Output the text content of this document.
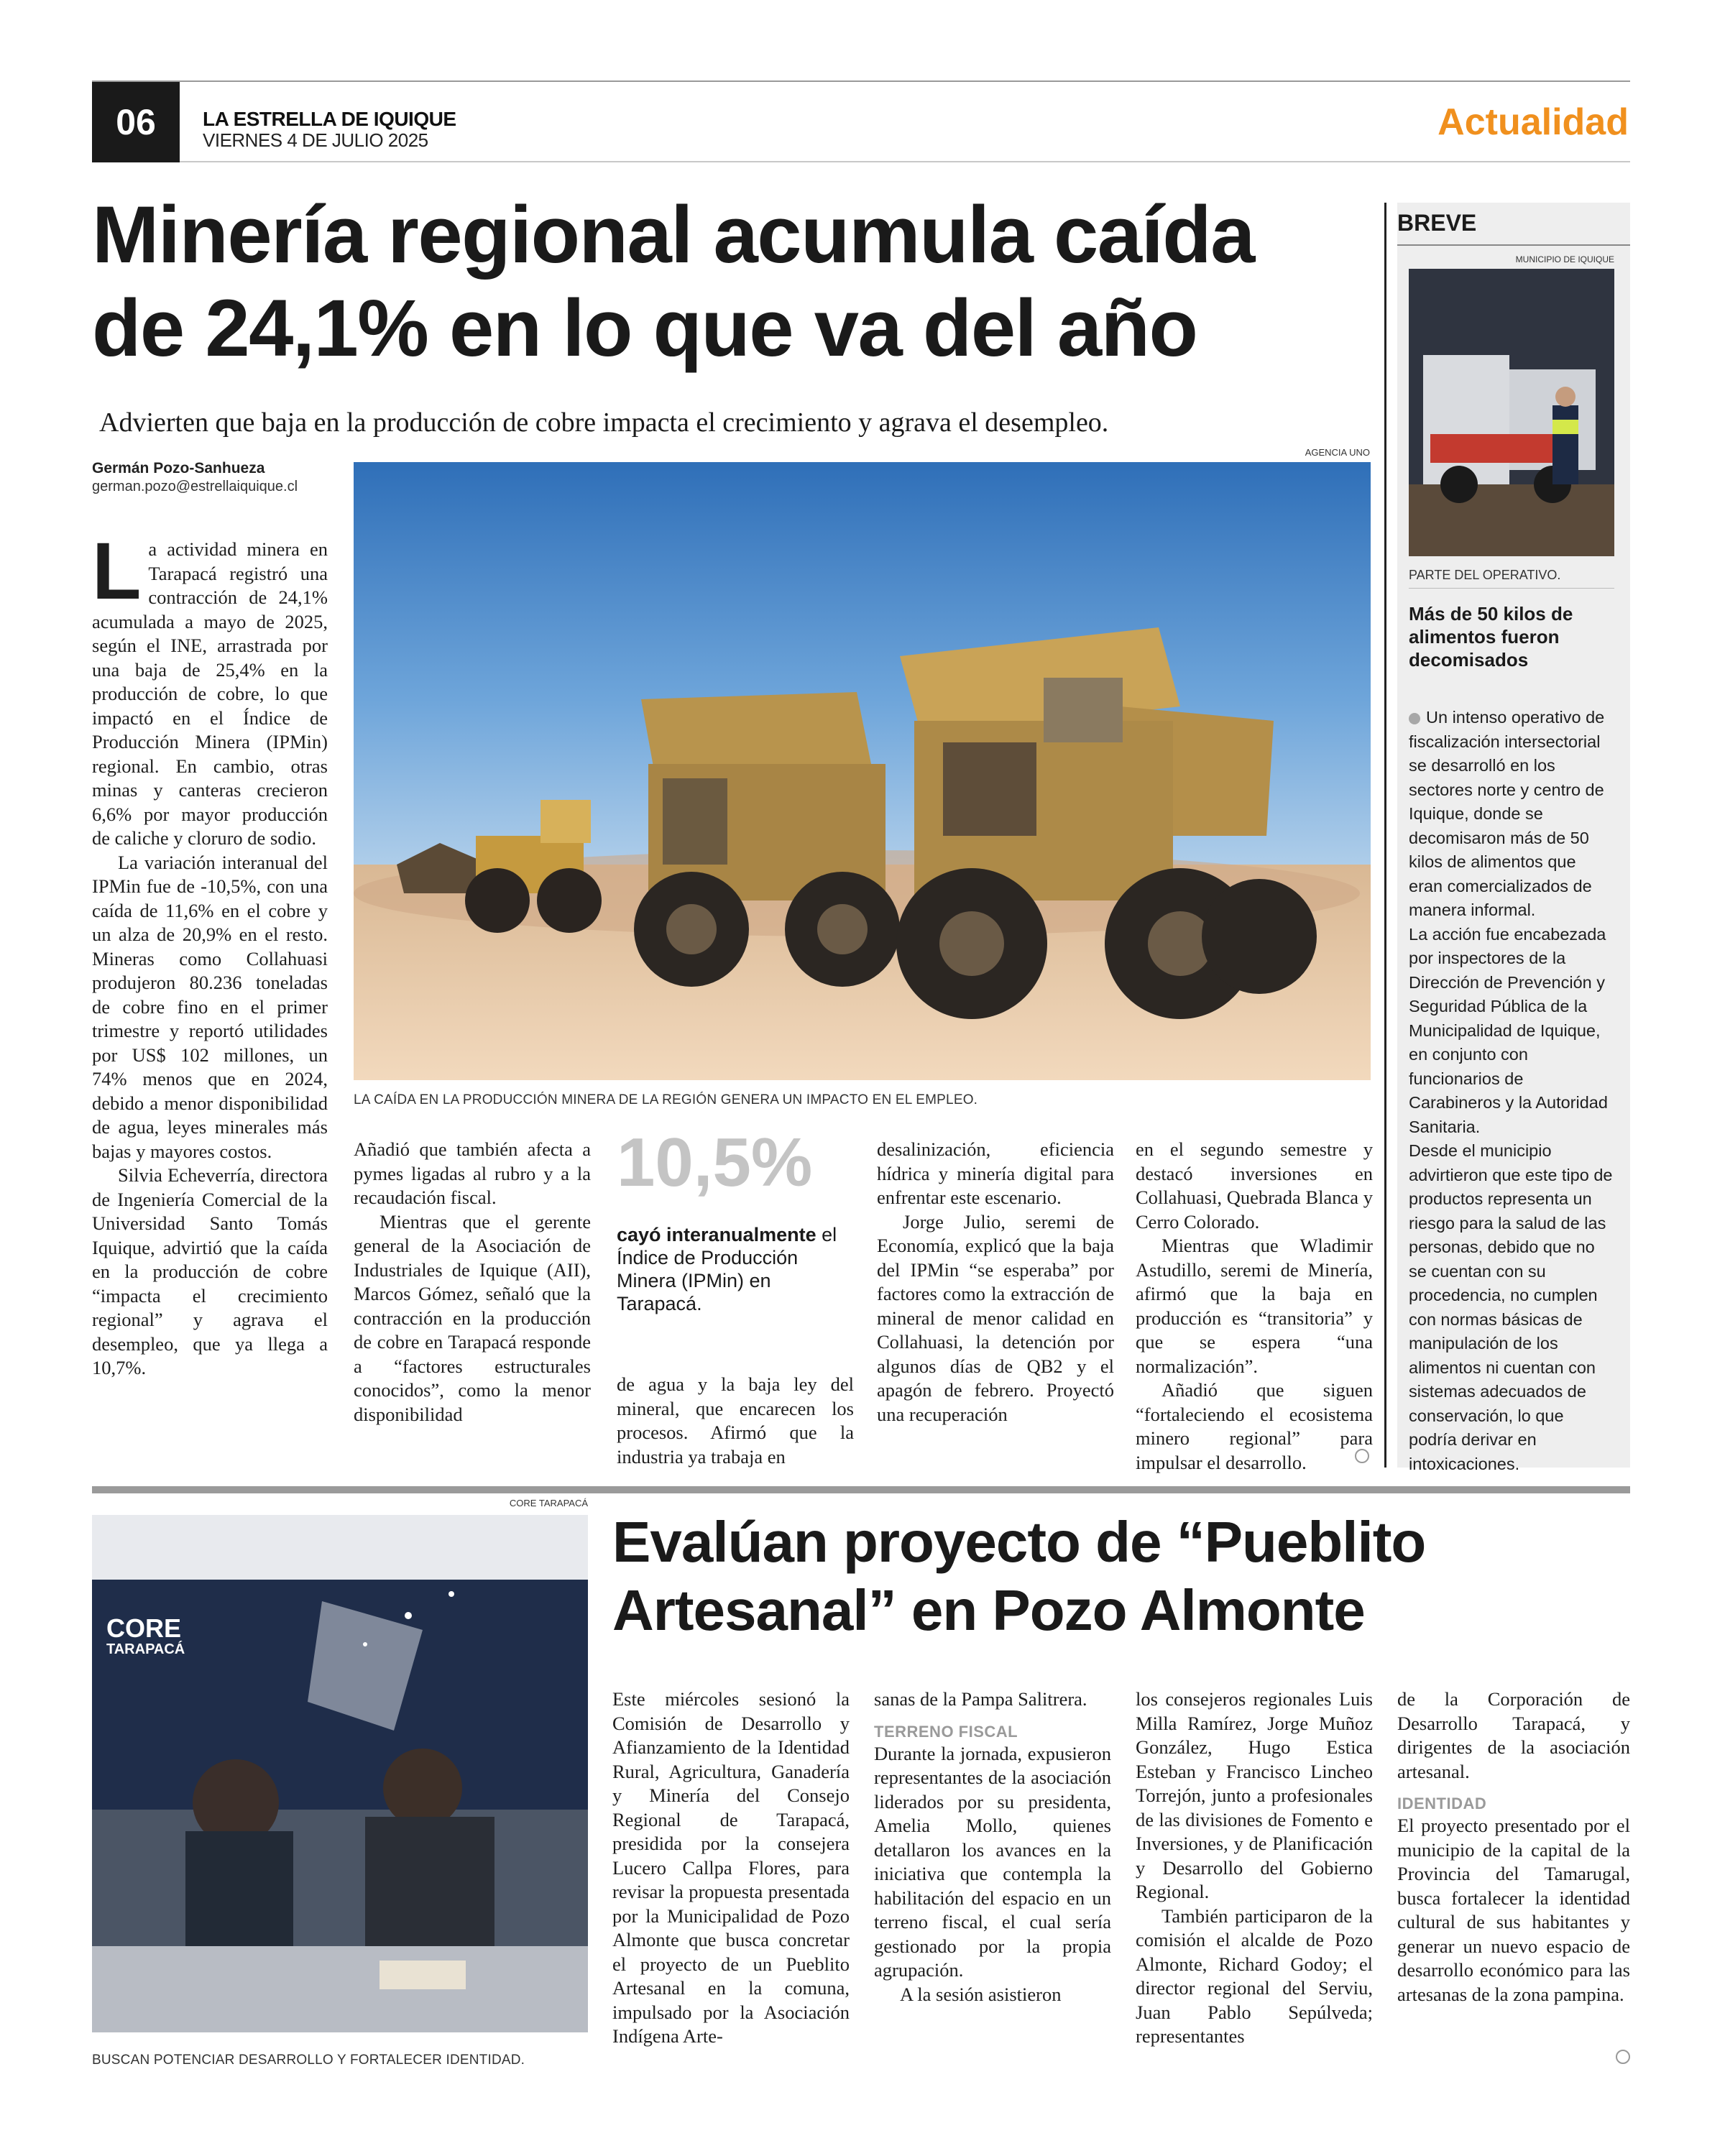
06	LA ESTRELLA DE IQUIQUE
VIERNES 4 DE JULIO 2025	Actualidad
Minería regional acumula caída
de 24,1% en lo que va del año
Advierten que baja en la producción de cobre impacta el crecimiento y agrava el desempleo.
Germán Pozo-Sanhueza
german.pozo@estrellaiquique.cl
AGENCIA UNO
LA CAÍDA EN LA PRODUCCIÓN MINERA DE LA REGIÓN GENERA UN IMPACTO EN EL EMPLEO.

La actividad minera en Tarapacá registró una contracción de 24,1% acumulada a mayo de 2025, según el INE, arrastrada por una baja de 25,4% en la producción de cobre, lo que impactó en el Índice de Producción Minera (IPMin) regional. En cambio, otras minas y canteras crecieron 6,6% por mayor producción de caliche y cloruro de sodio.

La variación interanual del IPMin fue de -10,5%, con una caída de 11,6% en el cobre y un alza de 20,9% en el resto. Mineras como Collahuasi produjeron 80.236 toneladas de cobre fino en el primer trimestre y reportó utilidades por US$ 102 millones, un 74% menos que en 2024, debido a menor disponibilidad de agua, leyes minerales más bajas y mayores costos.

Silvia Echeverría, directora de Ingeniería Comercial de la Universidad Santo Tomás Iquique, advirtió que la caída en la producción de cobre “impacta el crecimiento regional” y agrava el desempleo, que ya llega a 10,7%.

Añadió que también afecta a pymes ligadas al rubro y a la recaudación fiscal.

Mientras que el gerente general de la Asociación de Industriales de Iquique (AII), Marcos Gómez, señaló que la contracción en la producción de cobre en Tarapacá responde a “factores estructurales conocidos”, como la menor disponibilidad

10,5%
cayó interanualmente el Índice de Producción Minera (IPMin) en Tarapacá.

de agua y la baja ley del mineral, que encarecen los procesos. Afirmó que la industria ya trabaja en

desalinización, eficiencia hídrica y minería digital para enfrentar este escenario.

Jorge Julio, seremi de Economía, explicó que la baja del IPMin “se esperaba” por factores como la extracción de mineral de menor calidad en Collahuasi, la detención por algunos días de QB2 y el apagón de febrero. Proyectó una recuperación

en el segundo semestre y destacó inversiones en Collahuasi, Quebrada Blanca y Cerro Colorado.

Mientras que Wladimir Astudillo, seremi de Minería, afirmó que la baja en producción es “transitoria” y que se espera “una normalización”.

Añadió que siguen “fortaleciendo el ecosistema minero regional” para impulsar el desarrollo.

BREVE
MUNICIPIO DE IQUIQUE
PARTE DEL OPERATIVO.
Más de 50 kilos de alimentos fueron decomisados
Un intenso operativo de fiscalización intersectorial se desarrolló en los sectores norte y centro de Iquique, donde se decomisaron más de 50 kilos de alimentos que eran comercializados de manera informal.
La acción fue encabezada por inspectores de la Dirección de Prevención y Seguridad Pública de la Municipalidad de Iquique, en conjunto con funcionarios de Carabineros y la Autoridad Sanitaria.
Desde el municipio advirtieron que este tipo de productos representa un riesgo para la salud de las personas, debido que no se cuentan con su procedencia, no cumplen con normas básicas de manipulación de los alimentos ni cuentan con sistemas adecuados de conservación, lo que podría derivar en intoxicaciones.
CORE TARAPACÁ
CORE
TARAPACÁ
BUSCAN POTENCIAR DESARROLLO Y FORTALECER IDENTIDAD.
Evalúan proyecto de “Pueblito
Artesanal” en Pozo Almonte

Este miércoles sesionó la Comisión de Desarrollo y Afianzamiento de la Identidad Rural, Agricultura, Ganadería y Minería del Consejo Regional de Tarapacá, presidida por la consejera Lucero Callpa Flores, para revisar la propuesta presentada por la Municipalidad de Pozo Almonte que busca concretar el proyecto de un Pueblito Artesanal en la comuna, impulsado por la Asociación Indígena Arte-

sanas de la Pampa Salitrera.

TERRENO FISCAL

Durante la jornada, expusieron representantes de la asociación liderados por su presidenta, Amelia Mollo, quienes detallaron los avances en la iniciativa que contempla la habilitación del espacio en un terreno fiscal, el cual sería gestionado por la propia agrupación.

A la sesión asistieron

los consejeros regionales Luis Milla Ramírez, Jorge Muñoz González, Hugo Estica Esteban y Francisco Lincheo Torrejón, junto a profesionales de las divisiones de Fomento e Inversiones, y de Planificación y Desarrollo del Gobierno Regional.

También participaron de la comisión el alcalde de Pozo Almonte, Richard Godoy; el director regional del Serviu, Juan Pablo Sepúlveda; representantes

de la Corporación de Desarrollo Tarapacá, y dirigentes de la asociación artesanal.

IDENTIDAD

El proyecto presentado por el municipio de la capital de la Provincia del Tamarugal, busca fortalecer la identidad cultural de sus habitantes y generar un nuevo espacio de desarrollo económico para las artesanas de la zona pampina.
